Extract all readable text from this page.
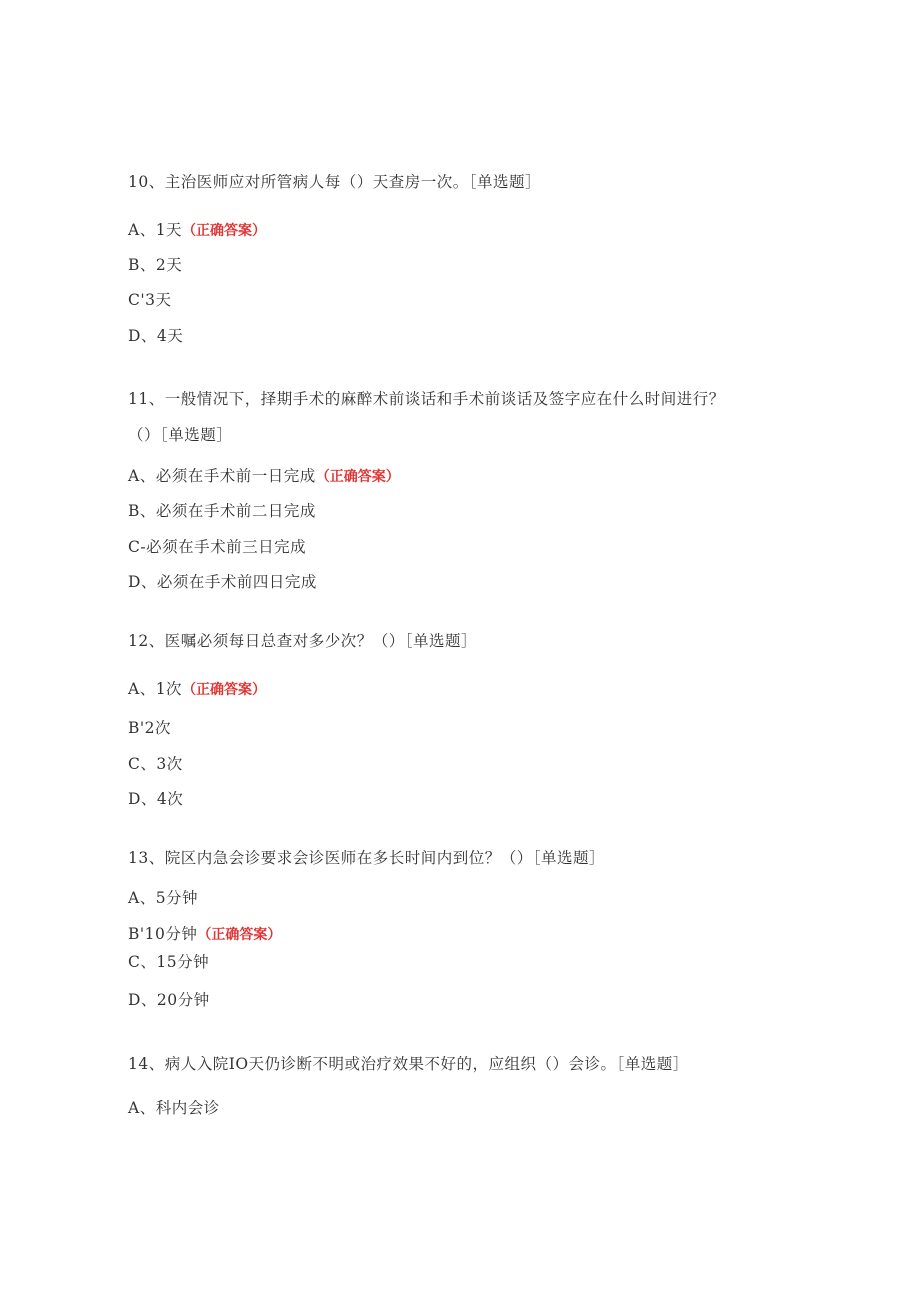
10、主治医师应对所管病人每（）天查房一次。［单选题］
A、1天（正确答案）
B、2天
C'3天
D、4天
11、一般情况下，择期手术的麻醉术前谈话和手术前谈话及签字应在什么时间进行？
（）［单选题］
A、必须在手术前一日完成（正确答案）
B、必须在手术前二日完成
C-必须在手术前三日完成
D、必须在手术前四日完成
12、医嘱必须每日总查对多少次？（）［单选题］
A、1次（正确答案）
B'2次
C、3次
D、4次
13、院区内急会诊要求会诊医师在多长时间内到位？（）［单选题］
A、5分钟
B'10分钟（正确答案）
C、15分钟
D、20分钟
14、病人入院IO天仍诊断不明或治疗效果不好的，应组织（）会诊。［单选题］
A、科内会诊
